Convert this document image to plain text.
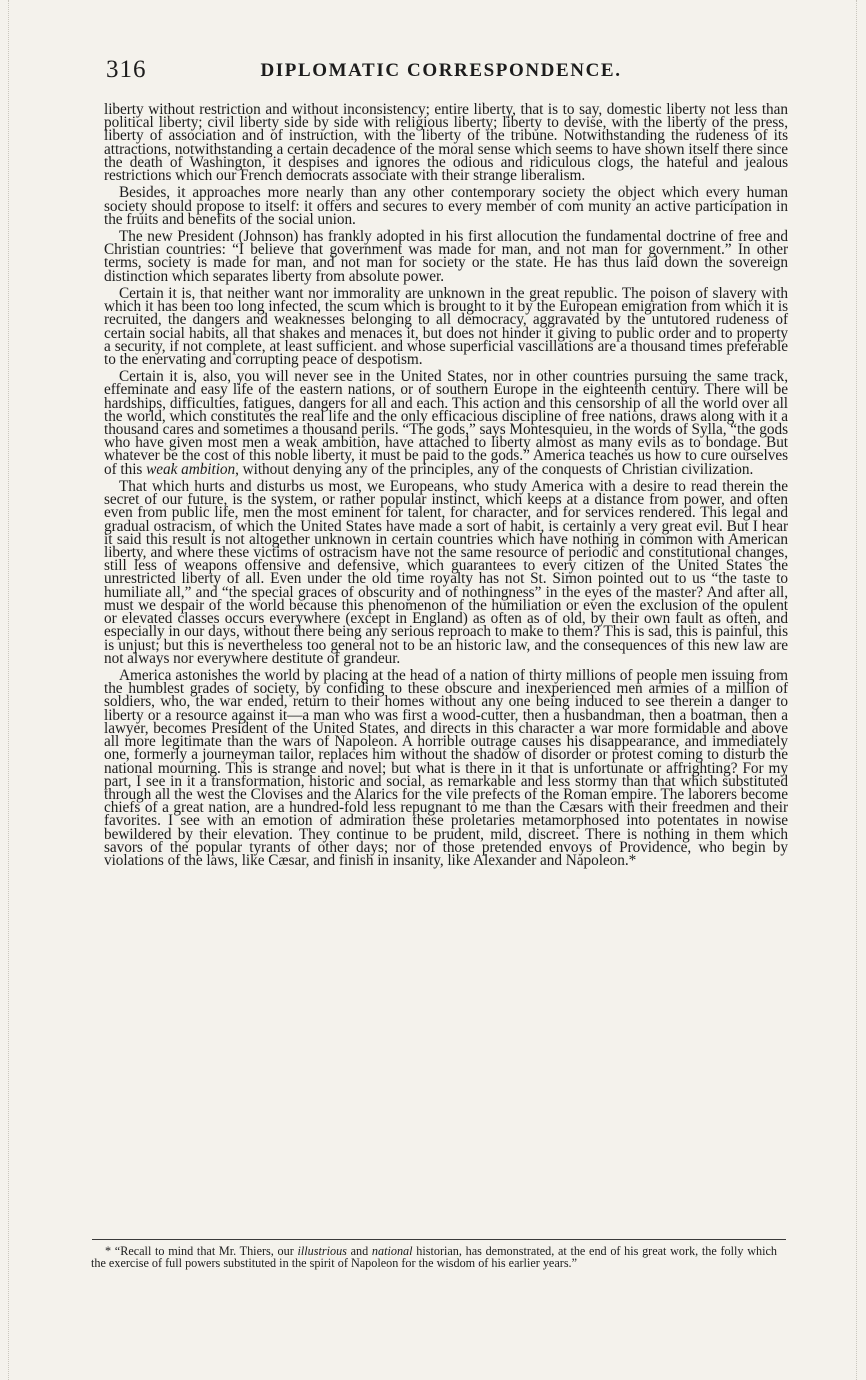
316	DIPLOMATIC CORRESPONDENCE.

liberty without restriction and without inconsistency; entire liberty, that is to say, domestic liberty not less than political liberty; civil liberty side by side with religious liberty; liberty to devise, with the liberty of the press, liberty of association and of instruction, with the liberty of the tribune. Notwithstanding the rudeness of its attractions, notwithstanding a certain decadence of the moral sense which seems to have shown itself there since the death of Washington, it despises and ignores the odious and ridiculous clogs, the hateful and jealous restrictions which our French democrats associate with their strange liberalism.

Besides, it approaches more nearly than any other contemporary society the object which every human society should propose to itself: it offers and secures to every member of com munity an active participation in the fruits and benefits of the social union.

The new President (Johnson) has frankly adopted in his first allocution the fundamental doctrine of free and Christian countries: “I believe that government was made for man, and not man for government.” In other terms, society is made for man, and not man for society or the state. He has thus laid down the sovereign distinction which separates liberty from absolute power.

Certain it is, that neither want nor immorality are unknown in the great republic. The poison of slavery with which it has been too long infected, the scum which is brought to it by the European emigration from which it is recruited, the dangers and weaknesses belonging to all democracy, aggravated by the untutored rudeness of certain social habits, all that shakes and menaces it, but does not hinder it giving to public order and to property a security, if not complete, at least sufficient. and whose superficial vascillations are a thousand times preferable to the enervating and corrupting peace of despotism.

Certain it is, also, you will never see in the United States, nor in other countries pursuing the same track, effeminate and easy life of the eastern nations, or of southern Europe in the eighteenth century. There will be hardships, difficulties, fatigues, dangers for all and each. This action and this censorship of all the world over all the world, which constitutes the real life and the only efficacious discipline of free nations, draws along with it a thousand cares and sometimes a thousand perils. “The gods,” says Montesquieu, in the words of Sylla, “the gods who have given most men a weak ambition, have attached to liberty almost as many evils as to bondage. But whatever be the cost of this noble liberty, it must be paid to the gods.” America teaches us how to cure ourselves of this weak ambition, without denying any of the principles, any of the conquests of Christian civilization.

That which hurts and disturbs us most, we Europeans, who study America with a desire to read therein the secret of our future, is the system, or rather popular instinct, which keeps at a distance from power, and often even from public life, men the most eminent for talent, for character, and for services rendered. This legal and gradual ostracism, of which the United States have made a sort of habit, is certainly a very great evil. But I hear it said this result is not altogether unknown in certain countries which have nothing in common with American liberty, and where these victims of ostracism have not the same resource of periodic and constitutional changes, still less of weapons offensive and defensive, which guarantees to every citizen of the United States the unrestricted liberty of all. Even under the old time royalty has not St. Simon pointed out to us “the taste to humiliate all,” and “the special graces of obscurity and of nothingness” in the eyes of the master? And after all, must we despair of the world because this phenomenon of the humiliation or even the exclusion of the opulent or elevated classes occurs everywhere (except in England) as often as of old, by their own fault as often, and especially in our days, without there being any serious reproach to make to them? This is sad, this is painful, this is unjust; but this is nevertheless too general not to be an historic law, and the consequences of this new law are not always nor everywhere destitute of grandeur.

America astonishes the world by placing at the head of a nation of thirty millions of people men issuing from the humblest grades of society, by confiding to these obscure and inexperienced men armies of a million of soldiers, who, the war ended, return to their homes without any one being induced to see therein a danger to liberty or a resource against it—a man who was first a wood-cutter, then a husbandman, then a boatman, then a lawyer, becomes President of the United States, and directs in this character a war more formidable and above all more legitimate than the wars of Napoleon. A horrible outrage causes his disappearance, and immediately one, formerly a journeyman tailor, replaces him without the shadow of disorder or protest coming to disturb the national mourning. This is strange and novel; but what is there in it that is unfortunate or affrighting? For my part, I see in it a transformation, historic and social, as remarkable and less stormy than that which substituted through all the west the Clovises and the Alarics for the vile prefects of the Roman empire. The laborers become chiefs of a great nation, are a hundred-fold less repugnant to me than the Cæsars with their freedmen and their favorites. I see with an emotion of admiration these proletaries metamorphosed into potentates in nowise bewildered by their elevation. They continue to be prudent, mild, discreet. There is nothing in them which savors of the popular tyrants of other days; nor of those pretended envoys of Providence, who begin by violations of the laws, like Cæsar, and finish in insanity, like Alexander and Napoleon.*

* “Recall to mind that Mr. Thiers, our illustrious and national historian, has demonstrated, at the end of his great work, the folly which the exercise of full powers substituted in the spirit of Napoleon for the wisdom of his earlier years.”
